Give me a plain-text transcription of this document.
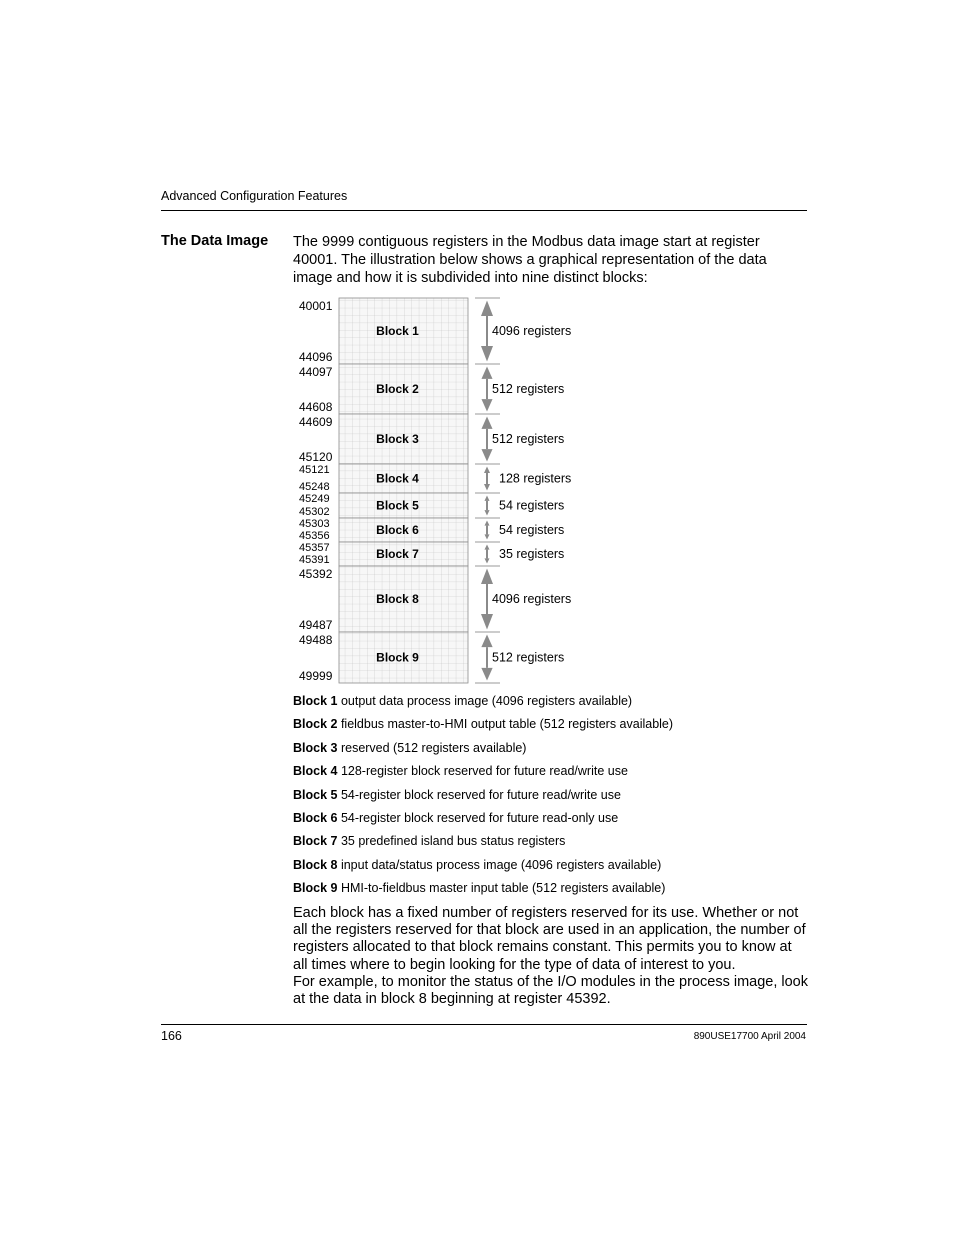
Advanced Configuration Features
The Data Image The 9999 contiguous registers in the Modbus data image start at register 40001. The illustration below shows a graphical representation of the data image and how it is subdivided into nine distinct blocks:

Block 1
40001
44096
4096 registers
Block 2
44097
44608
512 registers
Block 3
44609
45120
512 registers
Block 4
45121
45248
128 registers
Block 5
45249
45302	54 registers
Block 6
45303
45356	54 registers
Block 7
45357
45391	35 registers
Block 8
45392
49487
4096 registers
Block 9
49488
49999
512 registers
Block 1 output data process image (4096 registers available)
Block 2 fieldbus master-to-HMI output table (512 registers available)
Block 3 reserved (512 registers available)
Block 4 128-register block reserved for future read/write use
Block 5 54-register block reserved for future read/write use
Block 6 54-register block reserved for future read-only use
Block 7 35 predefined island bus status registers
Block 8 input data/status process image (4096 registers available)
Block 9 HMI-to-fieldbus master input table (512 registers available)

Each block has a fixed number of registers reserved for its use. Whether or not all the registers reserved for that block are used in an application, the number of registers allocated to that block remains constant. This permits you to know at all times where to begin looking for the type of data of interest to you.
For example, to monitor the status of the I/O modules in the process image, look at the data in block 8 beginning at register 45392.

166	890USE17700 April 2004
